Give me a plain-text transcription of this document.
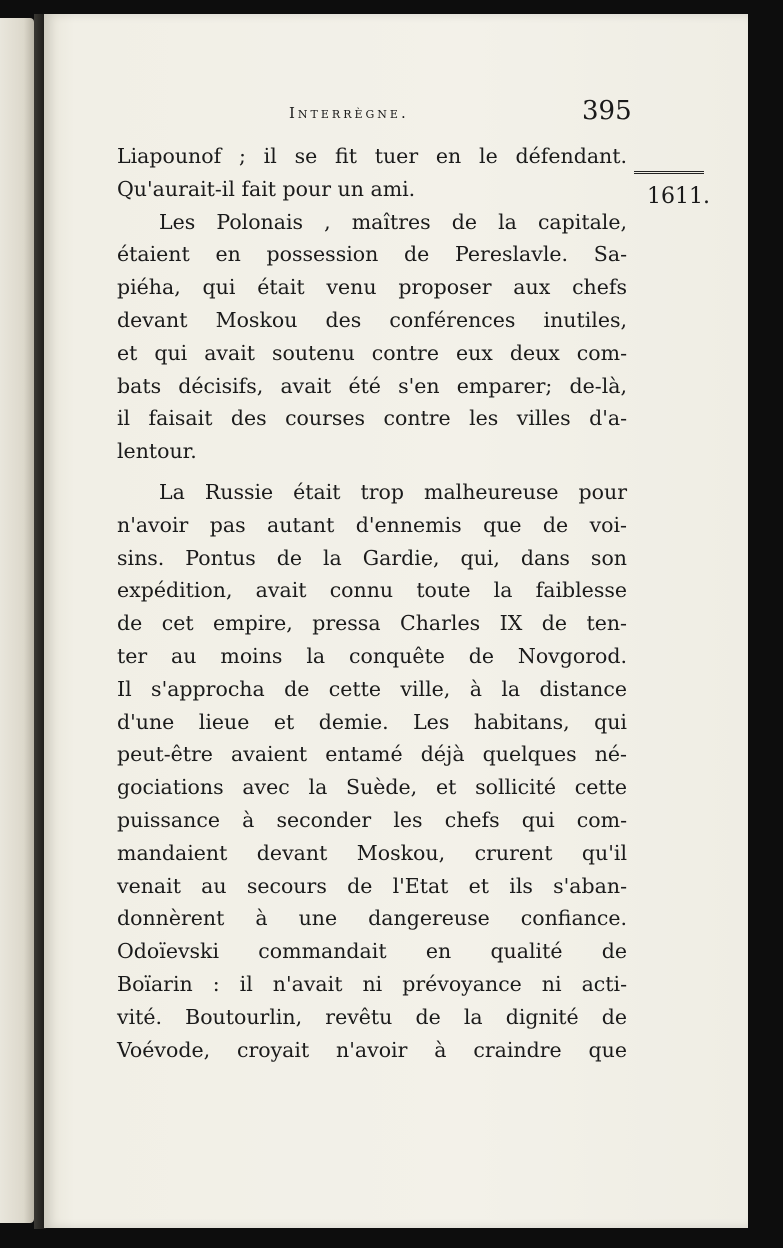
Interrègne.	395
1611.
Liapounof ; il se fit tuer en le défendant.
Qu'aurait-il fait pour un ami.
Les Polonais , maîtres de la capitale,
étaient en possession de Pereslavle. Sa-
piéha, qui était venu proposer aux chefs
devant Moskou des conférences inutiles,
et qui avait soutenu contre eux deux com-
bats décisifs, avait été s'en emparer; de-là,
il faisait des courses contre les villes d'a-
lentour.
La Russie était trop malheureuse pour
n'avoir pas autant d'ennemis que de voi-
sins. Pontus de la Gardie, qui, dans son
expédition, avait connu toute la faiblesse
de cet empire, pressa Charles IX de ten-
ter au moins la conquête de Novgorod.
Il s'approcha de cette ville, à la distance
d'une lieue et demie. Les habitans, qui
peut-être avaient entamé déjà quelques né-
gociations avec la Suède, et sollicité cette
puissance à seconder les chefs qui com-
mandaient devant Moskou, crurent qu'il
venait au secours de l'Etat et ils s'aban-
donnèrent à une dangereuse confiance.
Odoïevski commandait en qualité de
Boïarin : il n'avait ni prévoyance ni acti-
vité. Boutourlin, revêtu de la dignité de
Voévode, croyait n'avoir à craindre que
